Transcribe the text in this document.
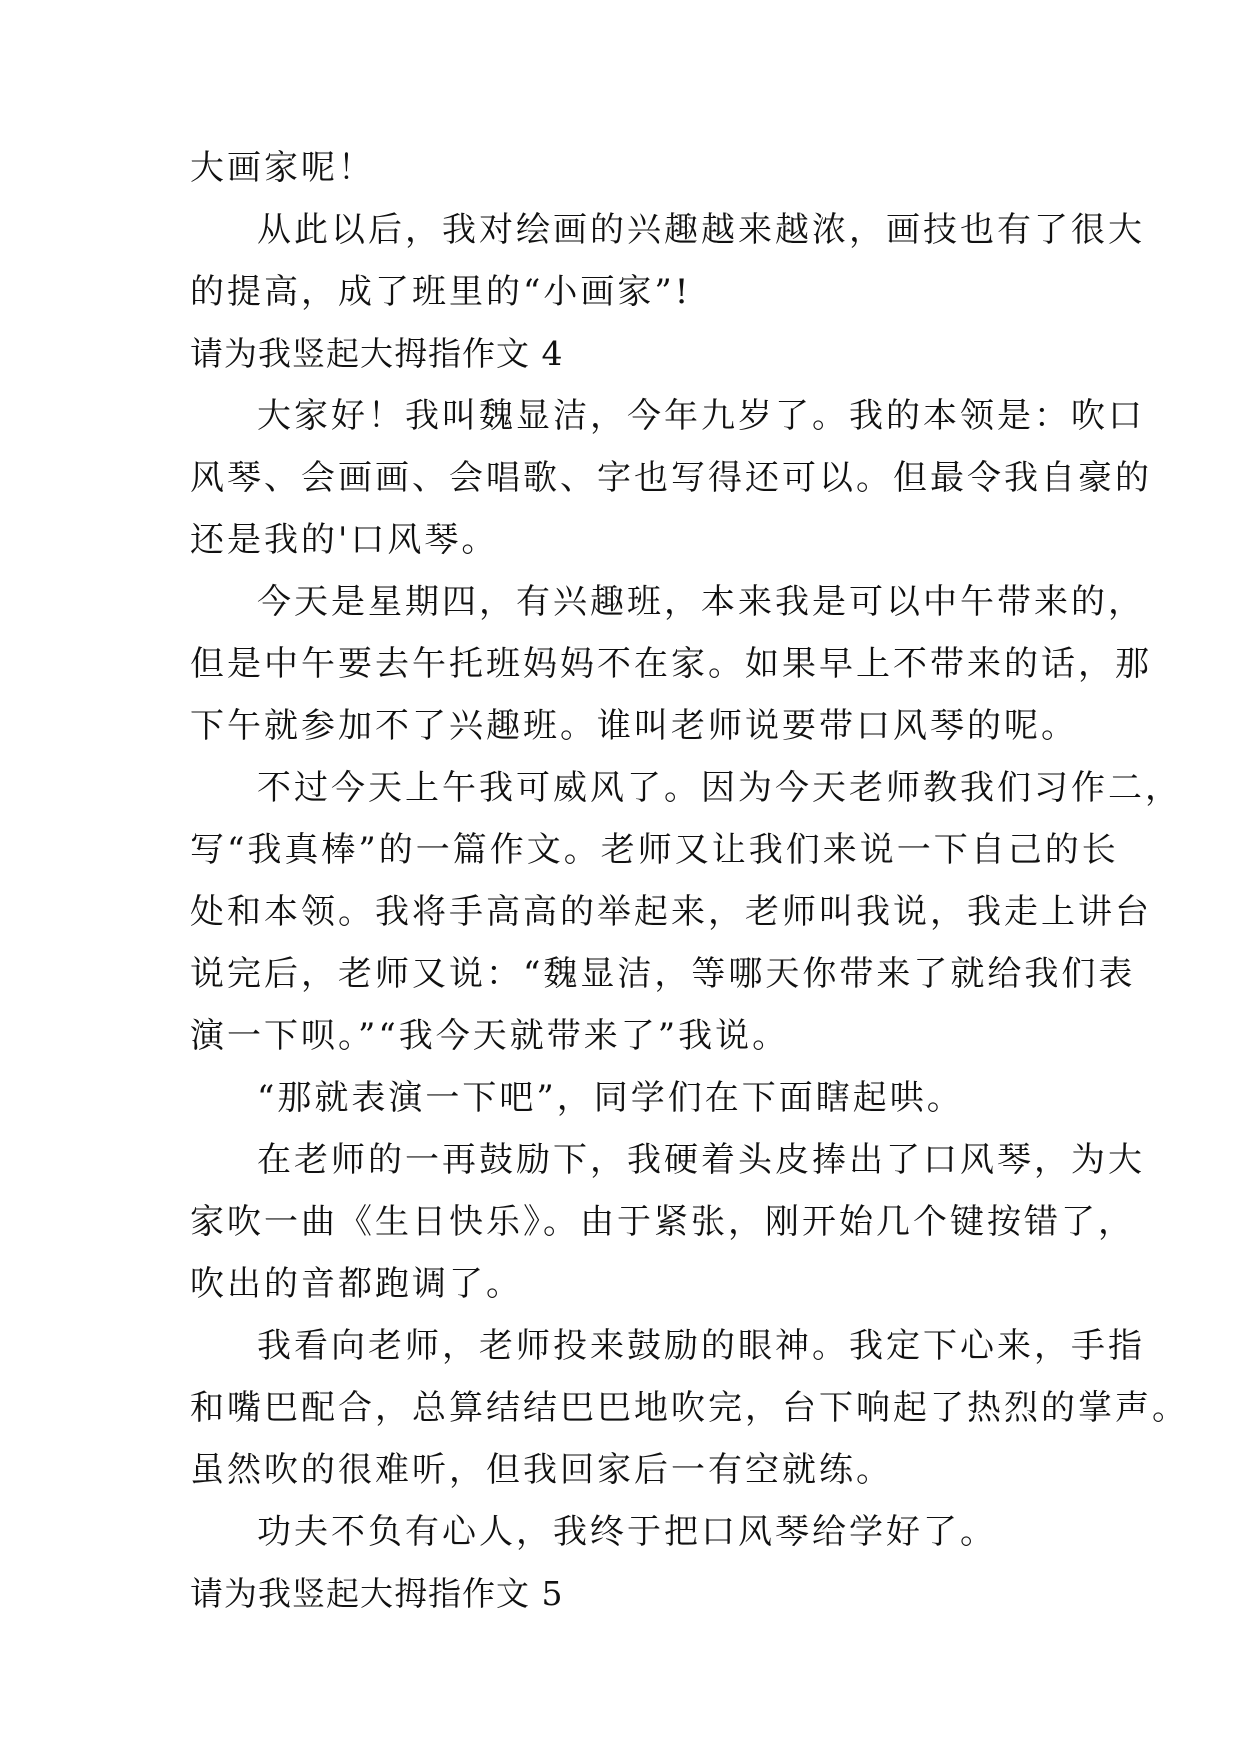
大画家呢！
从此以后，我对绘画的兴趣越来越浓，画技也有了很大
的提高，成了班里的“小画家”!
请为我竖起大拇指作文 4
大家好！我叫魏显洁，今年九岁了。我的本领是：吹口
风琴、会画画、会唱歌、字也写得还可以。但最令我自豪的
还是我的'口风琴。
今天是星期四，有兴趣班，本来我是可以中午带来的，
但是中午要去午托班妈妈不在家。如果早上不带来的话，那
下午就参加不了兴趣班。谁叫老师说要带口风琴的呢。
不过今天上午我可威风了。因为今天老师教我们习作二，
写“我真棒”的一篇作文。老师又让我们来说一下自己的长
处和本领。我将手高高的举起来，老师叫我说，我走上讲台
说完后，老师又说：“魏显洁，等哪天你带来了就给我们表
演一下呗。”“我今天就带来了”我说。
“那就表演一下吧”，同学们在下面瞎起哄。
在老师的一再鼓励下，我硬着头皮捧出了口风琴，为大
家吹一曲《生日快乐》。由于紧张，刚开始几个键按错了，
吹出的音都跑调了。
我看向老师，老师投来鼓励的眼神。我定下心来，手指
和嘴巴配合，总算结结巴巴地吹完，台下响起了热烈的掌声。
虽然吹的很难听，但我回家后一有空就练。
功夫不负有心人，我终于把口风琴给学好了。
请为我竖起大拇指作文 5
